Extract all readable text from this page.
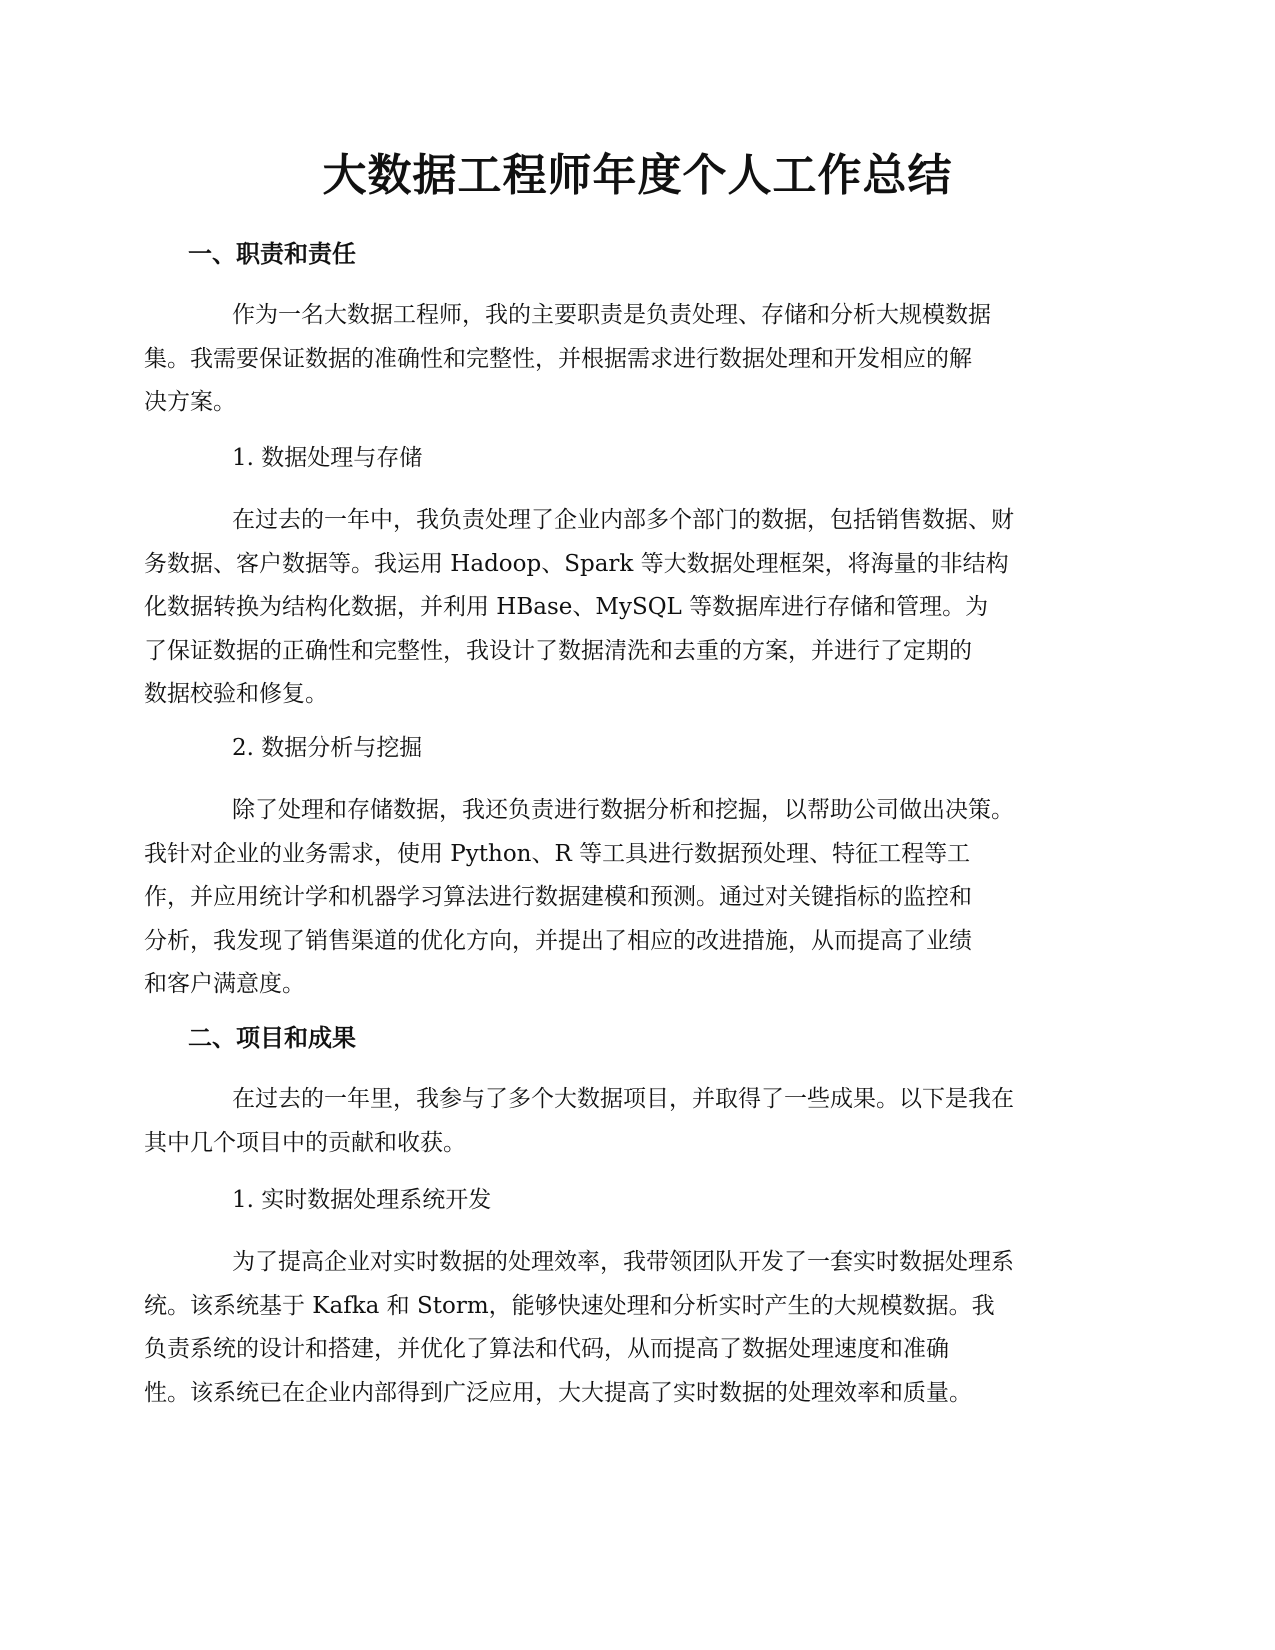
大数据工程师年度个人工作总结
一、职责和责任

作为一名大数据工程师，我的主要职责是负责处理、存储和分析大规模数据
集。我需要保证数据的准确性和完整性，并根据需求进行数据处理和开发相应的解
决方案。

1. 数据处理与存储

在过去的一年中，我负责处理了企业内部多个部门的数据，包括销售数据、财
务数据、客户数据等。我运用 Hadoop、Spark 等大数据处理框架，将海量的非结构
化数据转换为结构化数据，并利用 HBase、MySQL 等数据库进行存储和管理。为
了保证数据的正确性和完整性，我设计了数据清洗和去重的方案，并进行了定期的
数据校验和修复。

2. 数据分析与挖掘

除了处理和存储数据，我还负责进行数据分析和挖掘，以帮助公司做出决策。
我针对企业的业务需求，使用 Python、R 等工具进行数据预处理、特征工程等工
作，并应用统计学和机器学习算法进行数据建模和预测。通过对关键指标的监控和
分析，我发现了销售渠道的优化方向，并提出了相应的改进措施，从而提高了业绩
和客户满意度。

二、项目和成果

在过去的一年里，我参与了多个大数据项目，并取得了一些成果。以下是我在
其中几个项目中的贡献和收获。

1. 实时数据处理系统开发

为了提高企业对实时数据的处理效率，我带领团队开发了一套实时数据处理系
统。该系统基于 Kafka 和 Storm，能够快速处理和分析实时产生的大规模数据。我
负责系统的设计和搭建，并优化了算法和代码，从而提高了数据处理速度和准确
性。该系统已在企业内部得到广泛应用，大大提高了实时数据的处理效率和质量。
